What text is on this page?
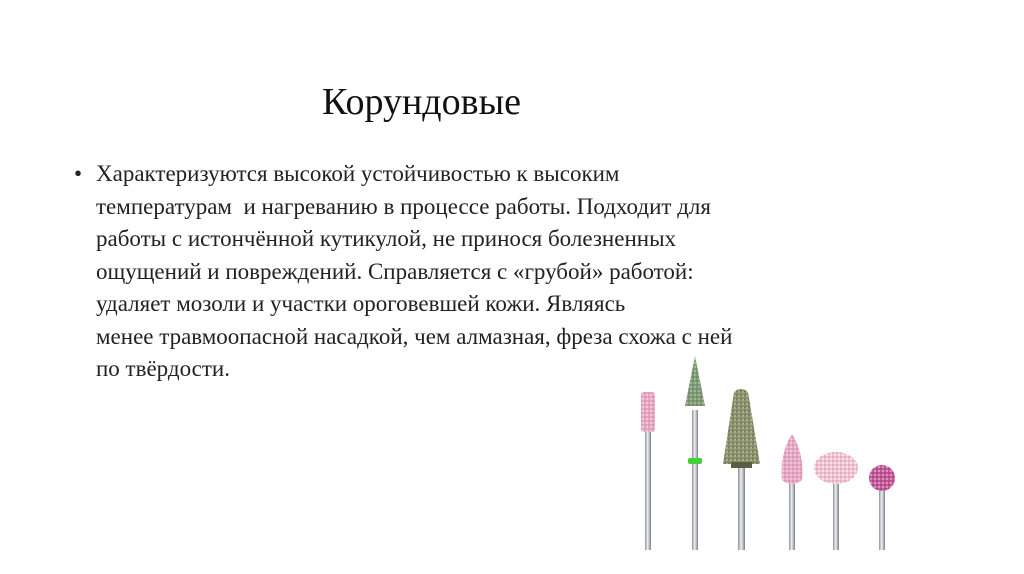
Корундовые
• Характеризуются высокой устойчивостью к высоким
температурам  и нагреванию в процессе работы. Подходит для
работы с истончённой кутикулой, не принося болезненных
ощущений и повреждений. Справляется с «грубой» работой:
удаляет мозоли и участки ороговевшей кожи. Являясь
менее травмоопасной насадкой, чем алмазная, фреза схожа с ней
по твёрдости.
